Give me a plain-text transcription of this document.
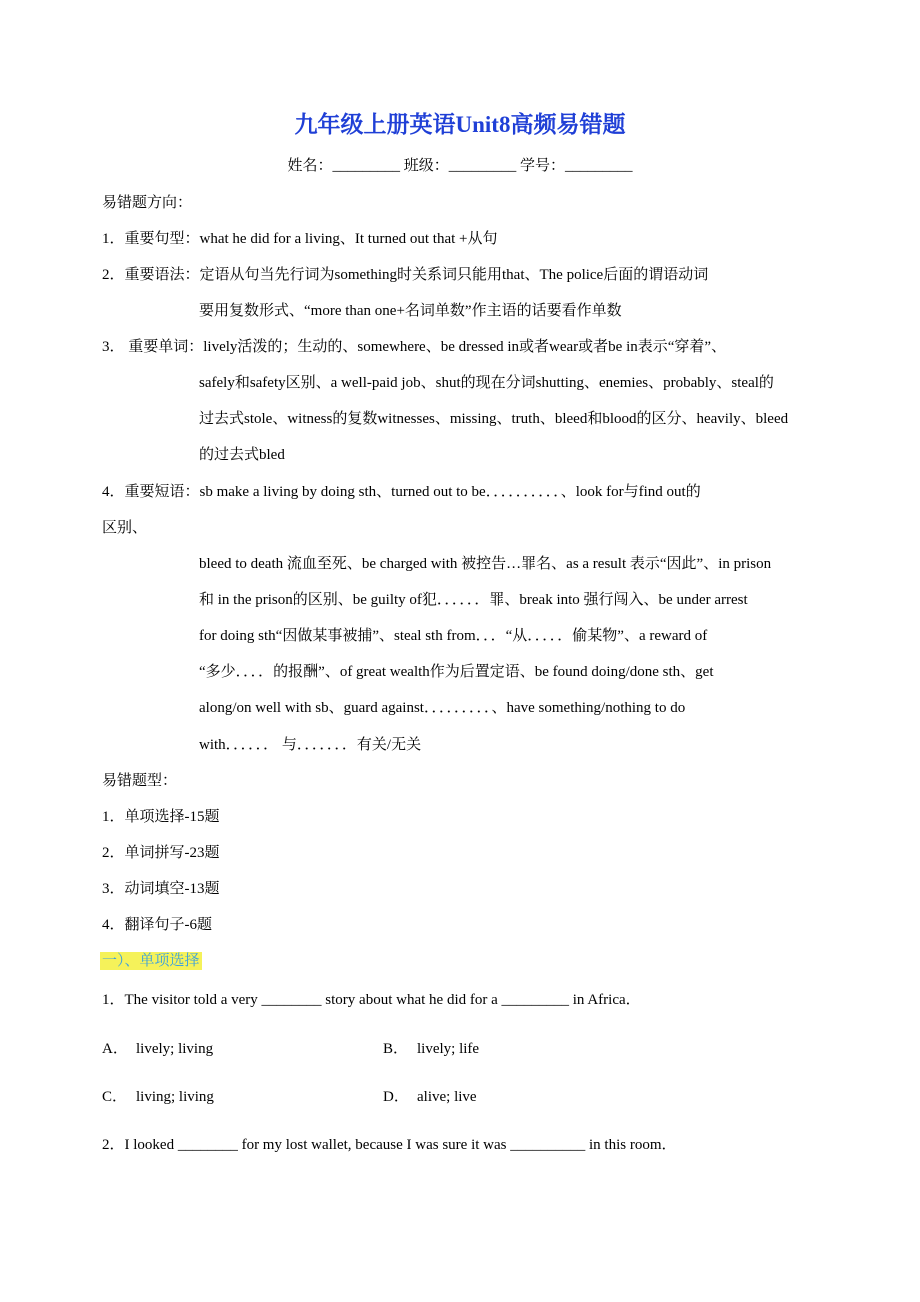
九年级上册英语Unit8高频易错题
姓名：_________ 班级：_________ 学号：_________
易错题方向：
1．重要句型：what he did for a living、It turned out that +从句
2．重要语法：定语从句当先行词为something时关系词只能用that、The police后面的谓语动词
要用复数形式、“more than one+名词单数”作主语的话要看作单数
3． 重要单词：lively活泼的；生动的、somewhere、be dressed in或者wear或者be in表示“穿着”、
safely和safety区别、a well-paid job、shut的现在分词shutting、enemies、probably、steal的
过去式stole、witness的复数witnesses、missing、truth、bleed和blood的区分、heavily、bleed
的过去式bled
4．重要短语：sb make a living by doing sth、turned out to be．．．．．．．．．．、look for与find out的
区别、
bleed to death 流血至死、be charged with 被控告…罪名、as a result 表示“因此”、in prison
和 in the prison的区别、be guilty of犯．．．．．．罪、break into 强行闯入、be under arrest
for doing sth“因做某事被捕”、steal sth from．．．“从．．．．．偷某物”、a reward of
“多少．．．．的报酬”、of great wealth作为后置定语、be found doing/done sth、get
along/on well with sb、guard against．．．．．．．．．、have something/nothing to do
with．．．．．． 与．．．．．．．有关/无关
易错题型：
1．单项选择-15题
2．单词拼写-23题
3．动词填空-13题
4．翻译句子-6题
一）、单项选择
1．The visitor told a very ________ story about what he did for a _________ in Africa．
A． lively; living	B． lively; life
C． living; living	D． alive; live
2．I looked ________ for my lost wallet, because I was sure it was __________ in this room．
